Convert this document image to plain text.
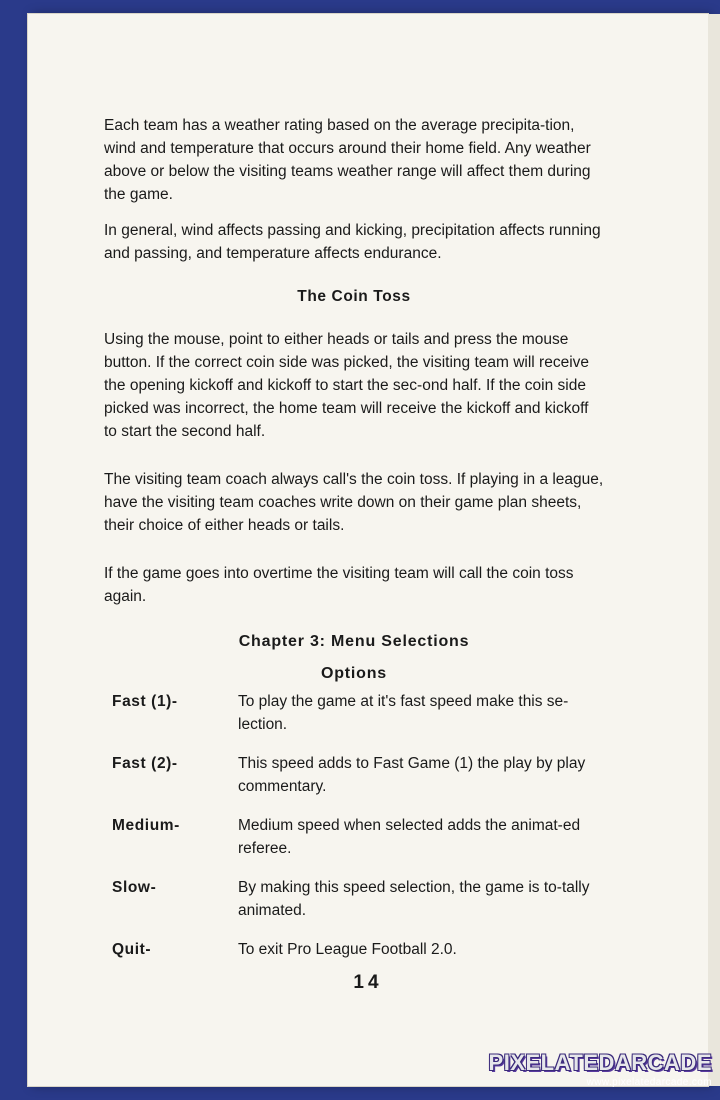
Each team has a weather rating based on the average precipita-tion, wind and temperature that occurs around their home field. Any weather above or below the visiting teams weather range will affect them during the game.

In general, wind affects passing and kicking, precipitation affects running and passing, and temperature affects endurance.

The Coin Toss

Using the mouse, point to either heads or tails and press the mouse button. If the correct coin side was picked, the visiting team will receive the opening kickoff and kickoff to start the sec-ond half. If the coin side picked was incorrect, the home team will receive the kickoff and kickoff to start the second half.

The visiting team coach always call's the coin toss. If playing in a league, have the visiting team coaches write down on their game plan sheets, their choice of either heads or tails.

If the game goes into overtime the visiting team will call the coin toss again.

Chapter 3: Menu Selections
Options
Fast (1)-	To play the game at it's fast speed make this se-lection.
Fast (2)-	This speed adds to Fast Game (1) the play by play commentary.
Medium-	Medium speed when selected adds the animat-ed referee.
Slow-	By making this speed selection, the game is to-tally animated.
Quit-	To exit Pro League Football 2.0.
14
PIXELATEDARCADE
www.pixelatedarcade.com
